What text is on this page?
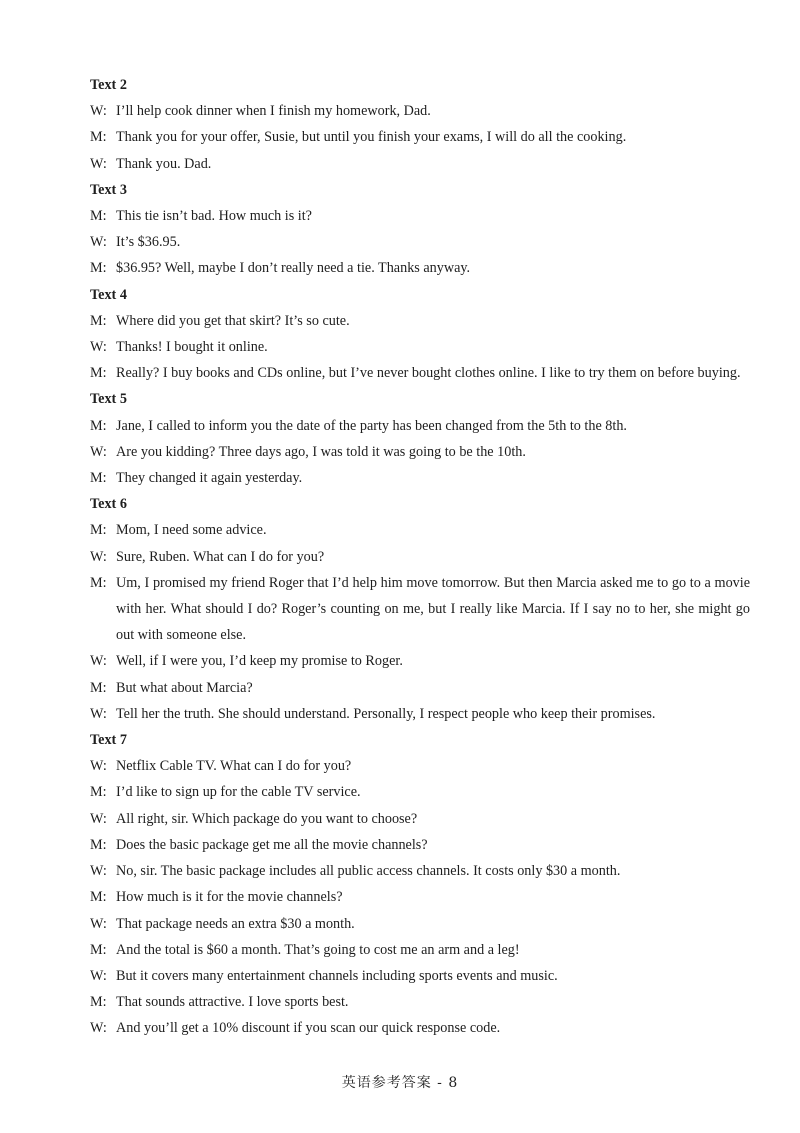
Text 2
W: I’ll help cook dinner when I finish my homework, Dad.
M: Thank you for your offer, Susie, but until you finish your exams, I will do all the cooking.
W: Thank you. Dad.
Text 3
M: This tie isn’t bad. How much is it?
W: It’s $36.95.
M: $36.95? Well, maybe I don’t really need a tie. Thanks anyway.
Text 4
M: Where did you get that skirt? It’s so cute.
W: Thanks! I bought it online.
M: Really? I buy books and CDs online, but I’ve never bought clothes online. I like to try them on before buying.
Text 5
M: Jane, I called to inform you the date of the party has been changed from the 5th to the 8th.
W: Are you kidding? Three days ago, I was told it was going to be the 10th.
M: They changed it again yesterday.
Text 6
M: Mom, I need some advice.
W: Sure, Ruben. What can I do for you?
M: Um, I promised my friend Roger that I’d help him move tomorrow. But then Marcia asked me to go to a movie with her. What should I do? Roger’s counting on me, but I really like Marcia. If I say no to her, she might go out with someone else.
W: Well, if I were you, I’d keep my promise to Roger.
M: But what about Marcia?
W: Tell her the truth. She should understand. Personally, I respect people who keep their promises.
Text 7
W: Netflix Cable TV. What can I do for you?
M: I’d like to sign up for the cable TV service.
W: All right, sir. Which package do you want to choose?
M: Does the basic package get me all the movie channels?
W: No, sir. The basic package includes all public access channels. It costs only $30 a month.
M: How much is it for the movie channels?
W: That package needs an extra $30 a month.
M: And the total is $60 a month. That’s going to cost me an arm and a leg!
W: But it covers many entertainment channels including sports events and music.
M: That sounds attractive. I love sports best.
W: And you’ll get a 10% discount if you scan our quick response code.
英语参考答案 - 8
